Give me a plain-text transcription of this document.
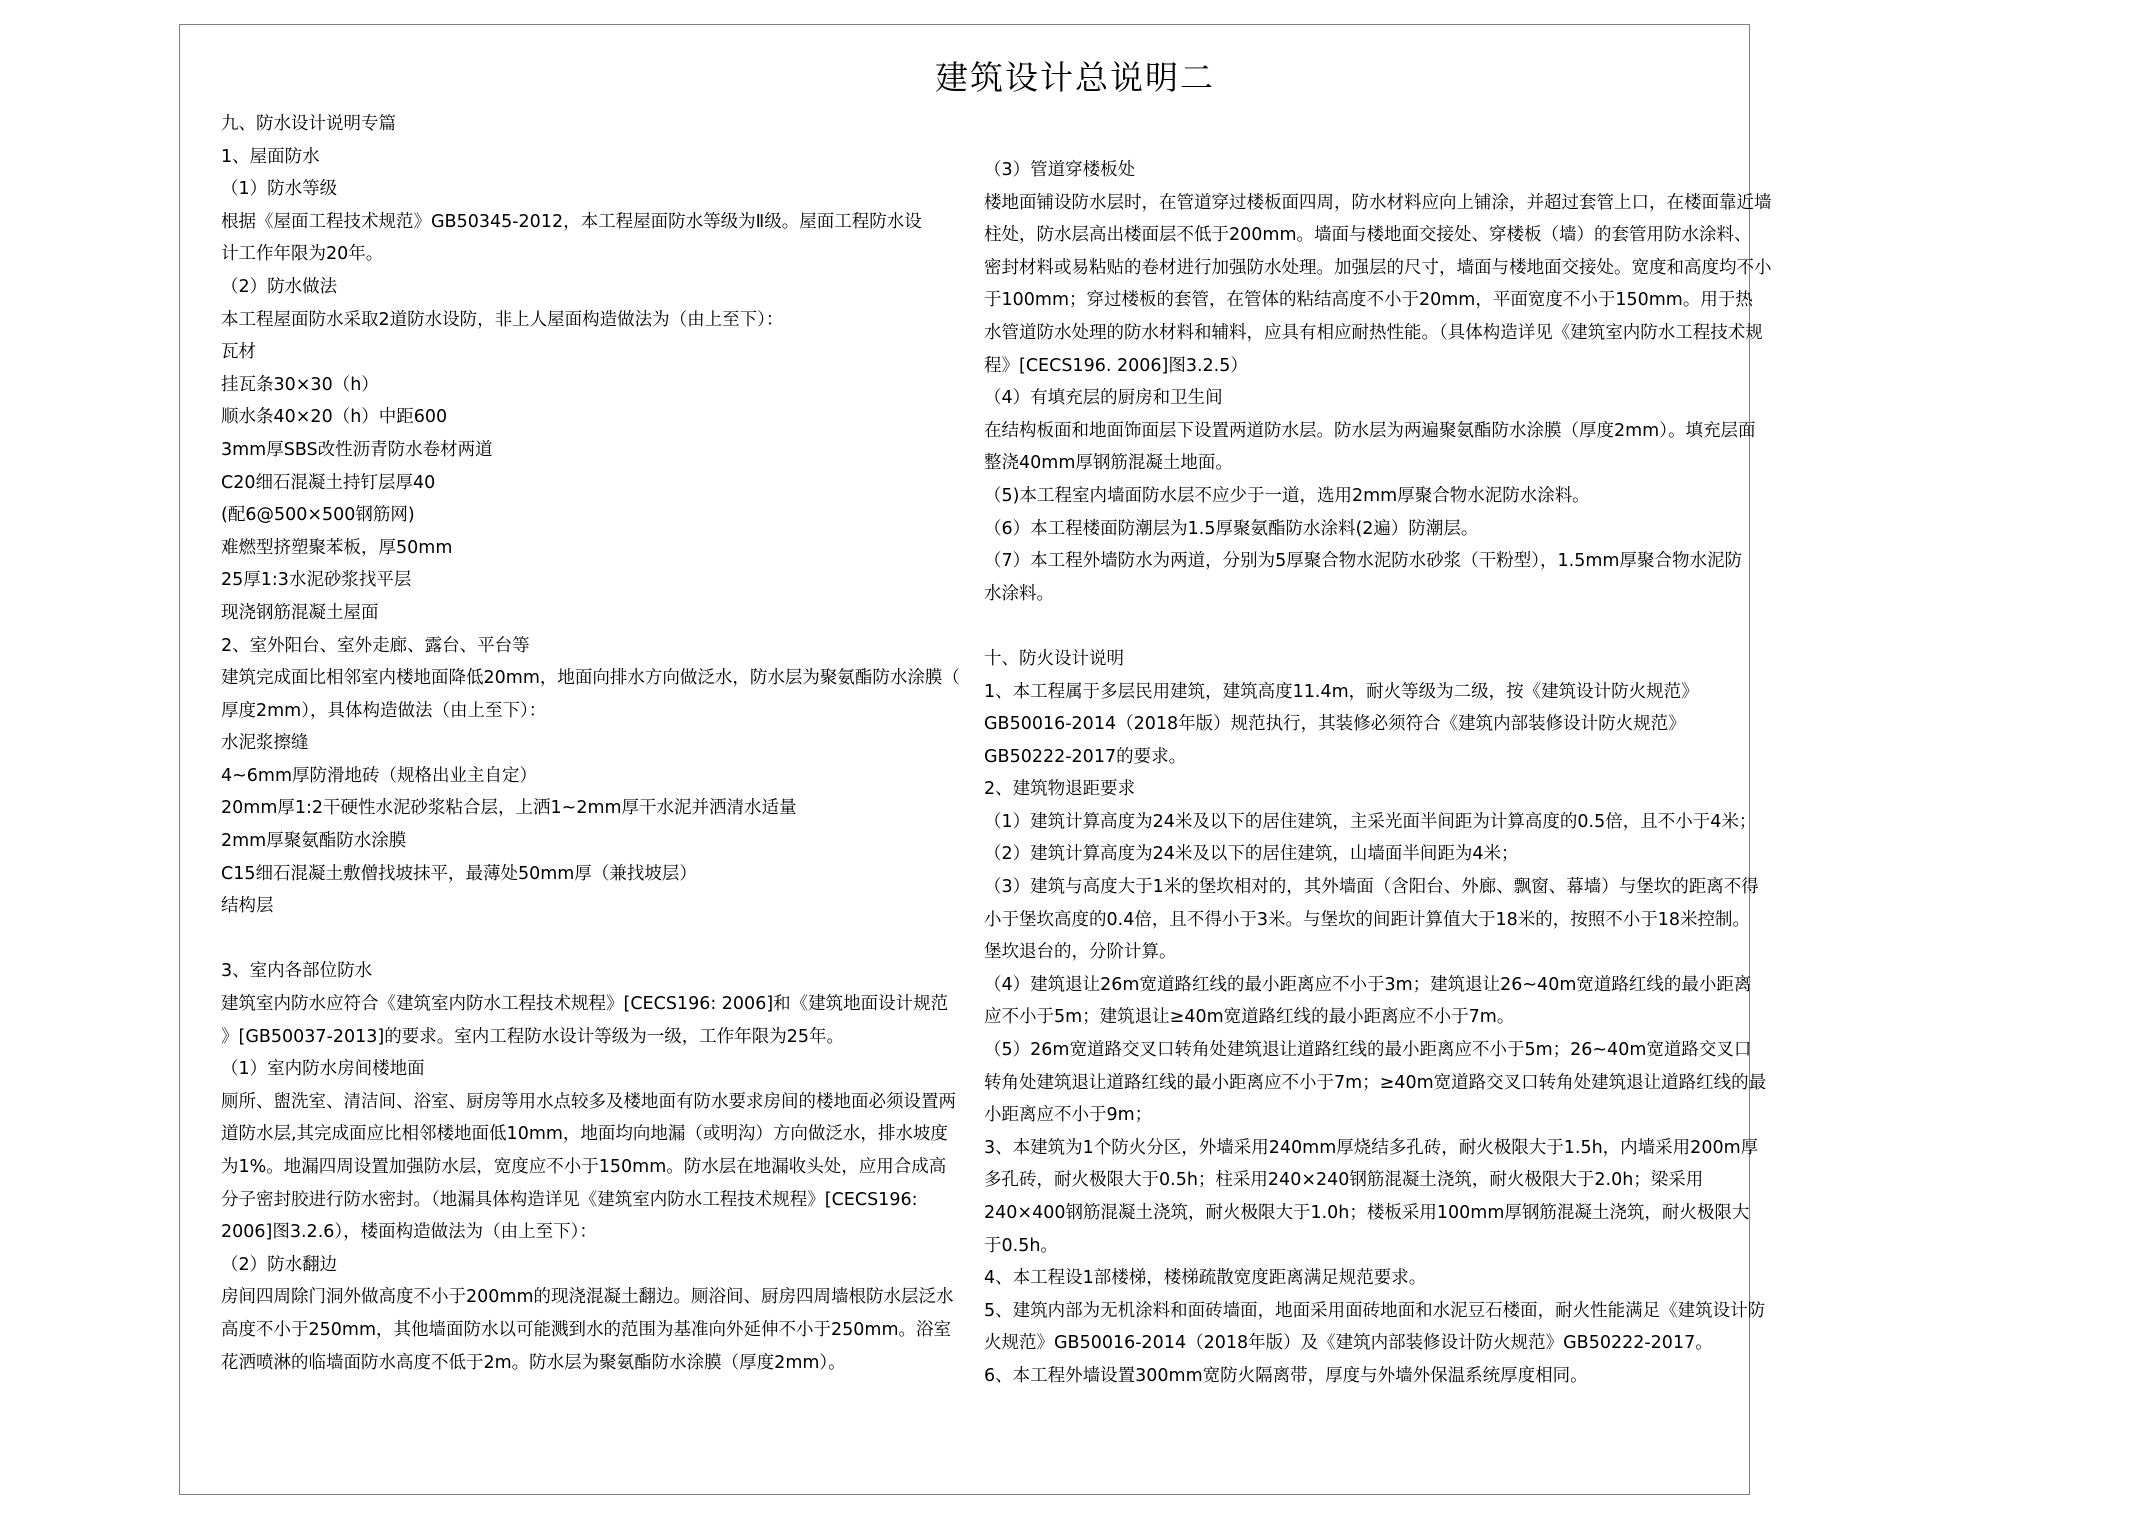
建筑设计总说明二
九、防水设计说明专篇
1、屋面防水
（1）防水等级
根据《屋面工程技术规范》GB50345-2012，本工程屋面防水等级为Ⅱ级。屋面工程防水设
计工作年限为20年。
（2）防水做法
本工程屋面防水采取2道防水设防，非上人屋面构造做法为（由上至下）：
瓦材
挂瓦条30×30（h）
顺水条40×20（h）中距600
3mm厚SBS改性沥青防水卷材两道
C20细石混凝土持钉层厚40
(配6@500×500钢筋网)
难燃型挤塑聚苯板，厚50mm
25厚1:3水泥砂浆找平层
现浇钢筋混凝土屋面
2、室外阳台、室外走廊、露台、平台等
建筑完成面比相邻室内楼地面降低20mm，地面向排水方向做泛水，防水层为聚氨酯防水涂膜（
厚度2mm），具体构造做法（由上至下）：
水泥浆擦缝
4~6mm厚防滑地砖（规格出业主自定）
20mm厚1:2干硬性水泥砂浆粘合层，上洒1~2mm厚干水泥并洒清水适量
2mm厚聚氨酯防水涂膜
C15细石混凝土敷僧找坡抹平，最薄处50mm厚（兼找坡层）
结构层
3、室内各部位防水
建筑室内防水应符合《建筑室内防水工程技术规程》[CECS196: 2006]和《建筑地面设计规范
》[GB50037-2013]的要求。室内工程防水设计等级为一级，工作年限为25年。
（1）室内防水房间楼地面
厕所、盥洗室、清洁间、浴室、厨房等用水点较多及楼地面有防水要求房间的楼地面必须设置两
道防水层,其完成面应比相邻楼地面低10mm，地面均向地漏（或明沟）方向做泛水，排水坡度
为1%。地漏四周设置加强防水层，宽度应不小于150mm。防水层在地漏收头处，应用合成高
分子密封胶进行防水密封。（地漏具体构造详见《建筑室内防水工程技术规程》[CECS196:
2006]图3.2.6），楼面构造做法为（由上至下）：
（2）防水翻边
房间四周除门洞外做高度不小于200mm的现浇混凝土翻边。厕浴间、厨房四周墙根防水层泛水
高度不小于250mm，其他墙面防水以可能溅到水的范围为基准向外延伸不小于250mm。浴室
花洒喷淋的临墙面防水高度不低于2m。防水层为聚氨酯防水涂膜（厚度2mm）。
（3）管道穿楼板处
楼地面铺设防水层时，在管道穿过楼板面四周，防水材料应向上铺涂，并超过套管上口，在楼面靠近墙
柱处，防水层高出楼面层不低于200mm。墙面与楼地面交接处、穿楼板（墙）的套管用防水涂料、
密封材料或易粘贴的卷材进行加强防水处理。加强层的尺寸，墙面与楼地面交接处。宽度和高度均不小
于100mm；穿过楼板的套管，在管体的粘结高度不小于20mm，平面宽度不小于150mm。用于热
水管道防水处理的防水材料和辅料，应具有相应耐热性能。（具体构造详见《建筑室内防水工程技术规
程》[CECS196. 2006]图3.2.5）
（4）有填充层的厨房和卫生间
在结构板面和地面饰面层下设置两道防水层。防水层为两遍聚氨酯防水涂膜（厚度2mm）。填充层面
整浇40mm厚钢筋混凝土地面。
（5)本工程室内墙面防水层不应少于一道，选用2mm厚聚合物水泥防水涂料。
（6）本工程楼面防潮层为1.5厚聚氨酯防水涂料(2遍）防潮层。
（7）本工程外墙防水为两道，分别为5厚聚合物水泥防水砂浆（干粉型），1.5mm厚聚合物水泥防
水涂料。
十、防火设计说明
1、本工程属于多层民用建筑，建筑高度11.4m，耐火等级为二级，按《建筑设计防火规范》
GB50016-2014（2018年版）规范执行，其装修必须符合《建筑内部装修设计防火规范》
GB50222-2017的要求。
2、建筑物退距要求
（1）建筑计算高度为24米及以下的居住建筑，主采光面半间距为计算高度的0.5倍，且不小于4米；
（2）建筑计算高度为24米及以下的居住建筑，山墙面半间距为4米；
（3）建筑与高度大于1米的堡坎相对的，其外墙面（含阳台、外廊、飘窗、幕墙）与堡坎的距离不得
小于堡坎高度的0.4倍，且不得小于3米。与堡坎的间距计算值大于18米的，按照不小于18米控制。
堡坎退台的，分阶计算。
（4）建筑退让26m宽道路红线的最小距离应不小于3m；建筑退让26~40m宽道路红线的最小距离
应不小于5m；建筑退让≥40m宽道路红线的最小距离应不小于7m。
（5）26m宽道路交叉口转角处建筑退让道路红线的最小距离应不小于5m；26~40m宽道路交叉口
转角处建筑退让道路红线的最小距离应不小于7m；≥40m宽道路交叉口转角处建筑退让道路红线的最
小距离应不小于9m；
3、本建筑为1个防火分区，外墙采用240mm厚烧结多孔砖，耐火极限大于1.5h，内墙采用200m厚
多孔砖，耐火极限大于0.5h；柱采用240×240钢筋混凝土浇筑，耐火极限大于2.0h；梁采用
240×400钢筋混凝土浇筑，耐火极限大于1.0h；楼板采用100mm厚钢筋混凝土浇筑，耐火极限大
于0.5h。
4、本工程设1部楼梯，楼梯疏散宽度距离满足规范要求。
5、建筑内部为无机涂料和面砖墙面，地面采用面砖地面和水泥豆石楼面，耐火性能满足《建筑设计防
火规范》GB50016-2014（2018年版）及《建筑内部装修设计防火规范》GB50222-2017。
6、本工程外墙设置300mm宽防火隔离带，厚度与外墙外保温系统厚度相同。
